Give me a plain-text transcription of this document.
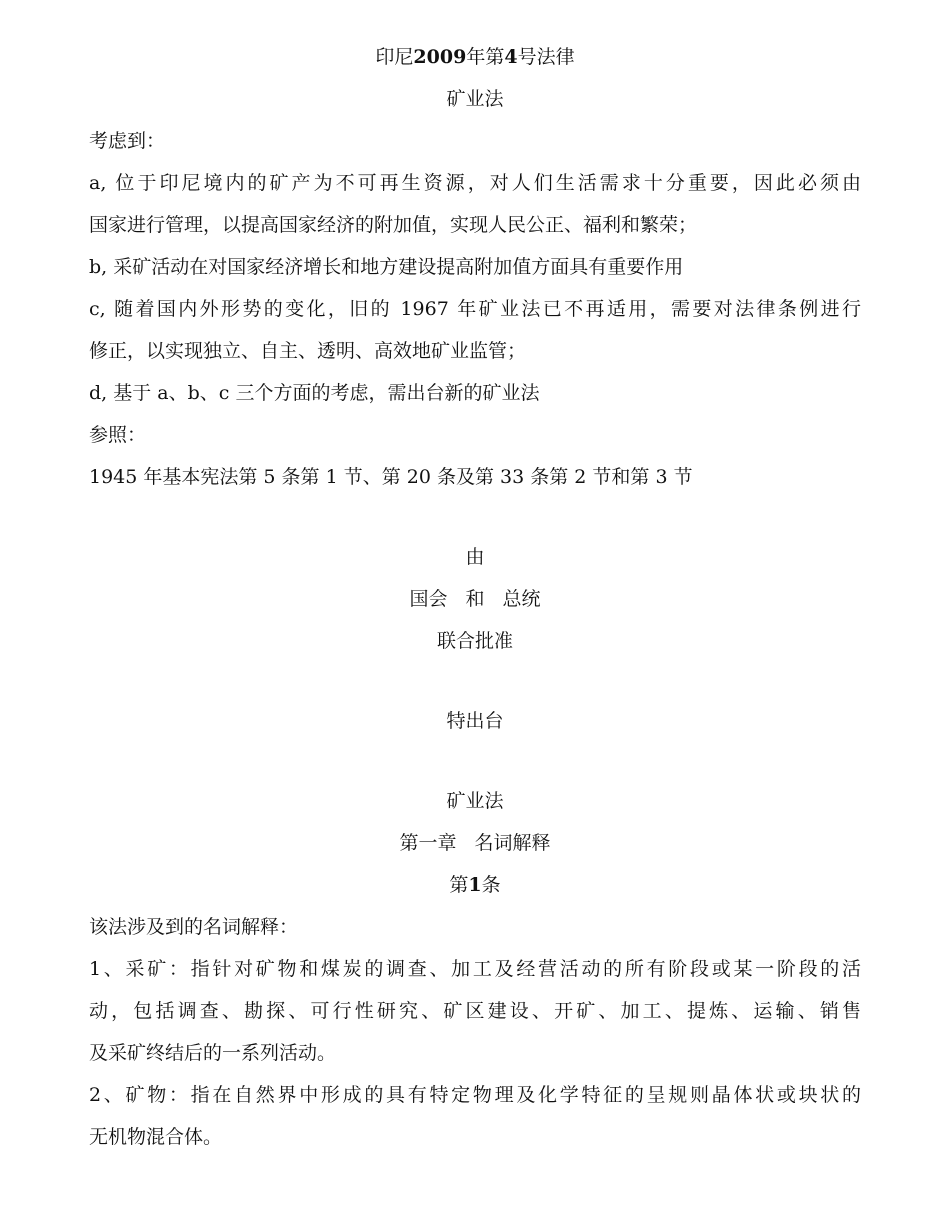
印尼2009年第4号法律
矿业法
考虑到：
a, 位于印尼境内的矿产为不可再生资源，对人们生活需求十分重要，因此必须由
国家进行管理，以提高国家经济的附加值，实现人民公正、福利和繁荣；
b, 采矿活动在对国家经济增长和地方建设提高附加值方面具有重要作用
c, 随着国内外形势的变化，旧的 1967 年矿业法已不再适用，需要对法律条例进行
修正，以实现独立、自主、透明、高效地矿业监管；
d, 基于 a、b、c 三个方面的考虑，需出台新的矿业法
参照：
1945 年基本宪法第 5 条第 1 节、第 20 条及第 33 条第 2 节和第 3 节
由
国会 和 总统
联合批准
特出台
矿业法
第一章 名词解释
第1条
该法涉及到的名词解释：
1、采矿：指针对矿物和煤炭的调查、加工及经营活动的所有阶段或某一阶段的活
动，包括调查、勘探、可行性研究、矿区建设、开矿、加工、提炼、运输、销售
及采矿终结后的一系列活动。
2、矿物：指在自然界中形成的具有特定物理及化学特征的呈规则晶体状或块状的
无机物混合体。
